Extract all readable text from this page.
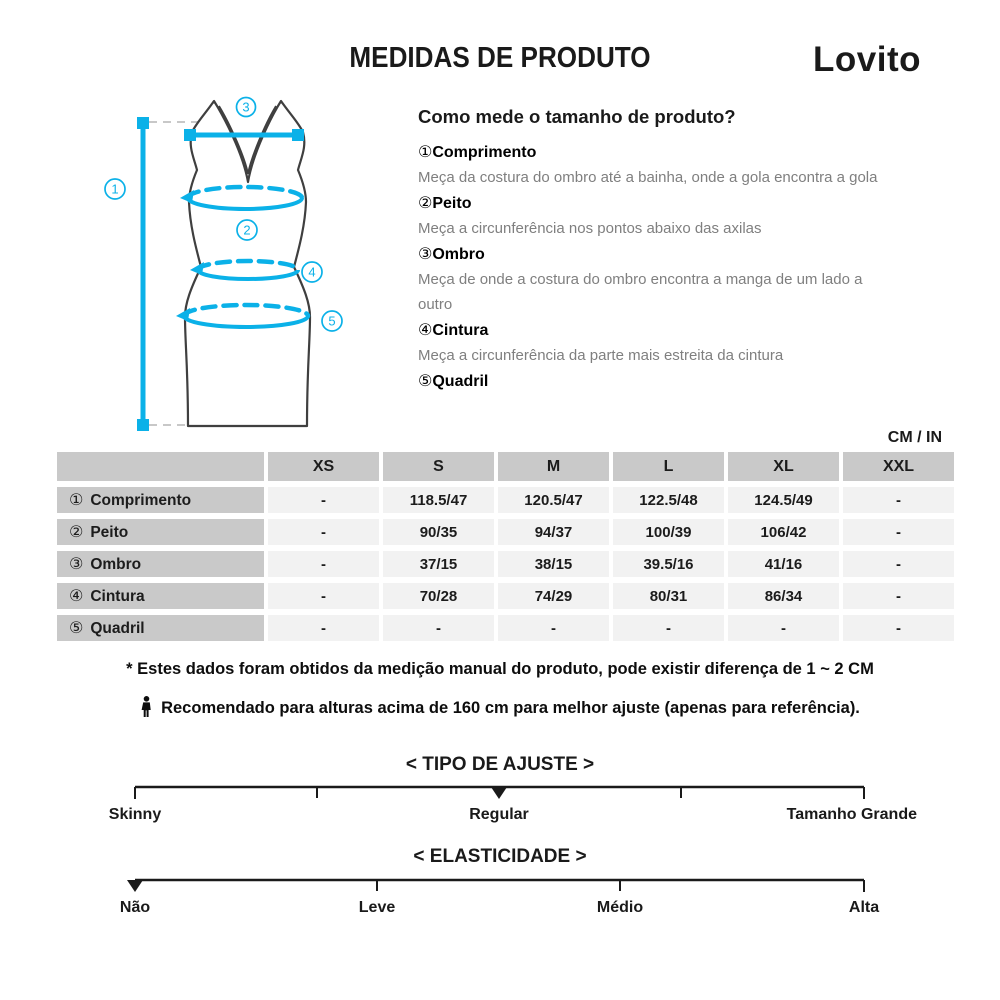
MEDIDAS DE PRODUTO	Lovito
1
2
3
4
5
Como mede o tamanho de produto?
①Comprimento
Meça da costura do ombro até a bainha, onde a gola encontra a gola
②Peito
Meça a circunferência nos pontos abaixo das axilas
③Ombro
Meça de onde a costura do ombro encontra a manga de um lado a outro
④Cintura
Meça a circunferência da parte mais estreita da cintura
⑤Quadril
CM / IN
	XS	S	M	L	XL	XXL
① Comprimento	-	118.5/47	120.5/47	122.5/48	124.5/49	-
② Peito	-	90/35	94/37	100/39	106/42	-
③ Ombro	-	37/15	38/15	39.5/16	41/16	-
④ Cintura	-	70/28	74/29	80/31	86/34	-
⑤ Quadril	-	-	-	-	-	-
* Estes dados foram obtidos da medição manual do produto, pode existir diferença de 1 ~ 2 CM
Recomendado para alturas acima de 160 cm para melhor ajuste (apenas para referência).
< TIPO DE AJUSTE >
Skinny	Regular	Tamanho Grande
< ELASTICIDADE >
Não	Leve	Médio	Alta
